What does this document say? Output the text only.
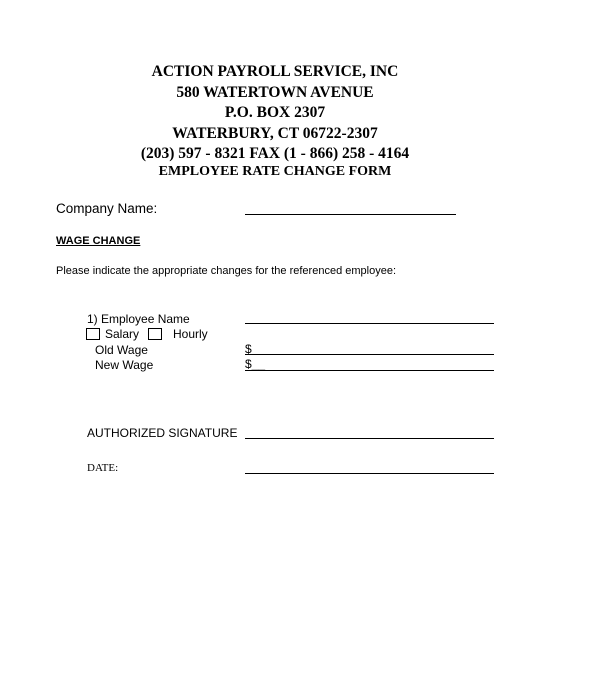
ACTION PAYROLL SERVICE, INC
580 WATERTOWN AVENUE
P.O. BOX 2307
WATERBURY, CT 06722-2307
(203) 597 - 8321 FAX (1 - 866) 258 - 4164
EMPLOYEE RATE CHANGE FORM
Company Name:
WAGE CHANGE
Please indicate the appropriate changes for the referenced employee:
1) Employee Name
Salary	Hourly
Old Wage	$
New Wage	$__
AUTHORIZED SIGNATURE
DATE:
